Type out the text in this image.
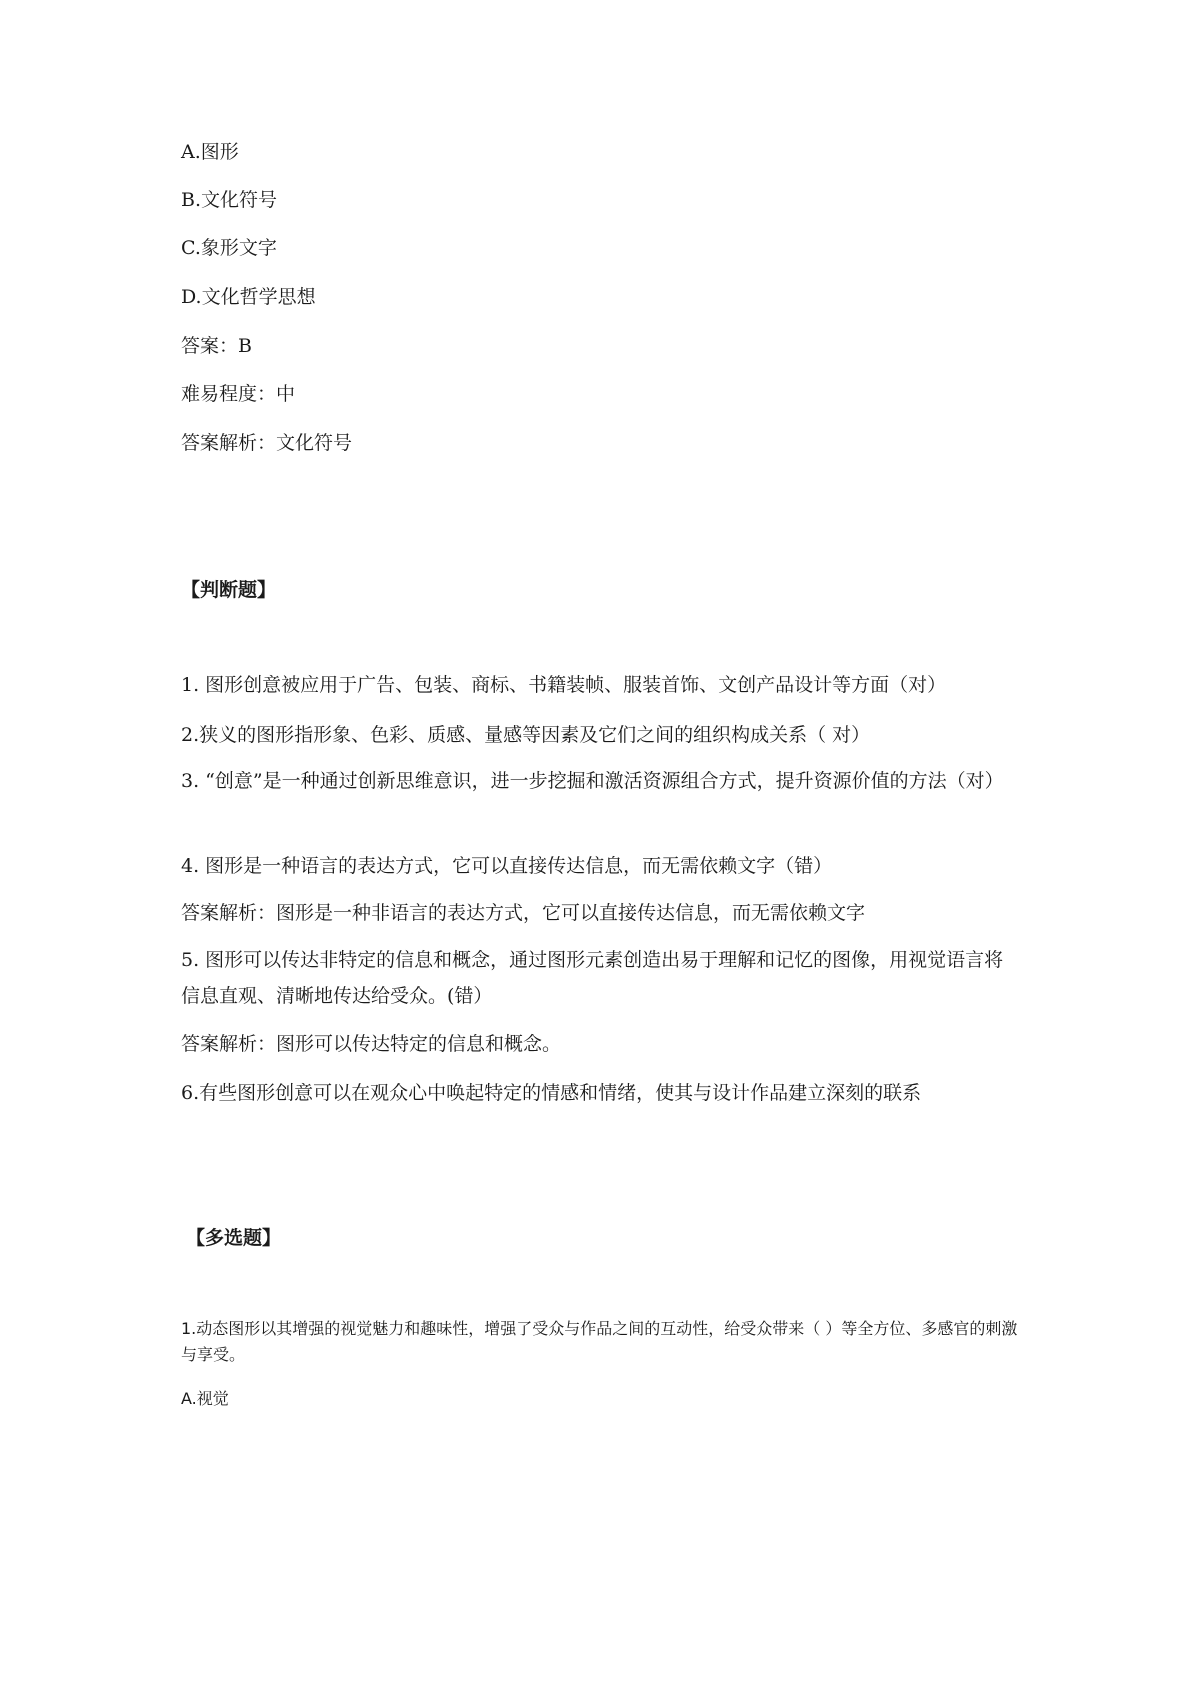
A.图形
B.文化符号
C.象形文字
D.文化哲学思想
答案：B
难易程度：中
答案解析：文化符号
【判断题】
1. 图形创意被应用于广告、包装、商标、书籍装帧、服装首饰、文创产品设计等方面（对）
2.狭义的图形指形象、色彩、质感、量感等因素及它们之间的组织构成关系（ 对）
3. “创意”是一种通过创新思维意识，进一步挖掘和激活资源组合方式，提升资源价值的方法（对）
4. 图形是一种语言的表达方式，它可以直接传达信息，而无需依赖文字（错）
答案解析：图形是一种非语言的表达方式，它可以直接传达信息，而无需依赖文字
5. 图形可以传达非特定的信息和概念，通过图形元素创造出易于理解和记忆的图像，用视觉语言将信息直观、清晰地传达给受众。(错）
答案解析：图形可以传达特定的信息和概念。
6.有些图形创意可以在观众心中唤起特定的情感和情绪，使其与设计作品建立深刻的联系
【多选题】
1.动态图形以其增强的视觉魅力和趣味性，增强了受众与作品之间的互动性，给受众带来（ ）等全方位、多感官的刺激与享受。
A.视觉
